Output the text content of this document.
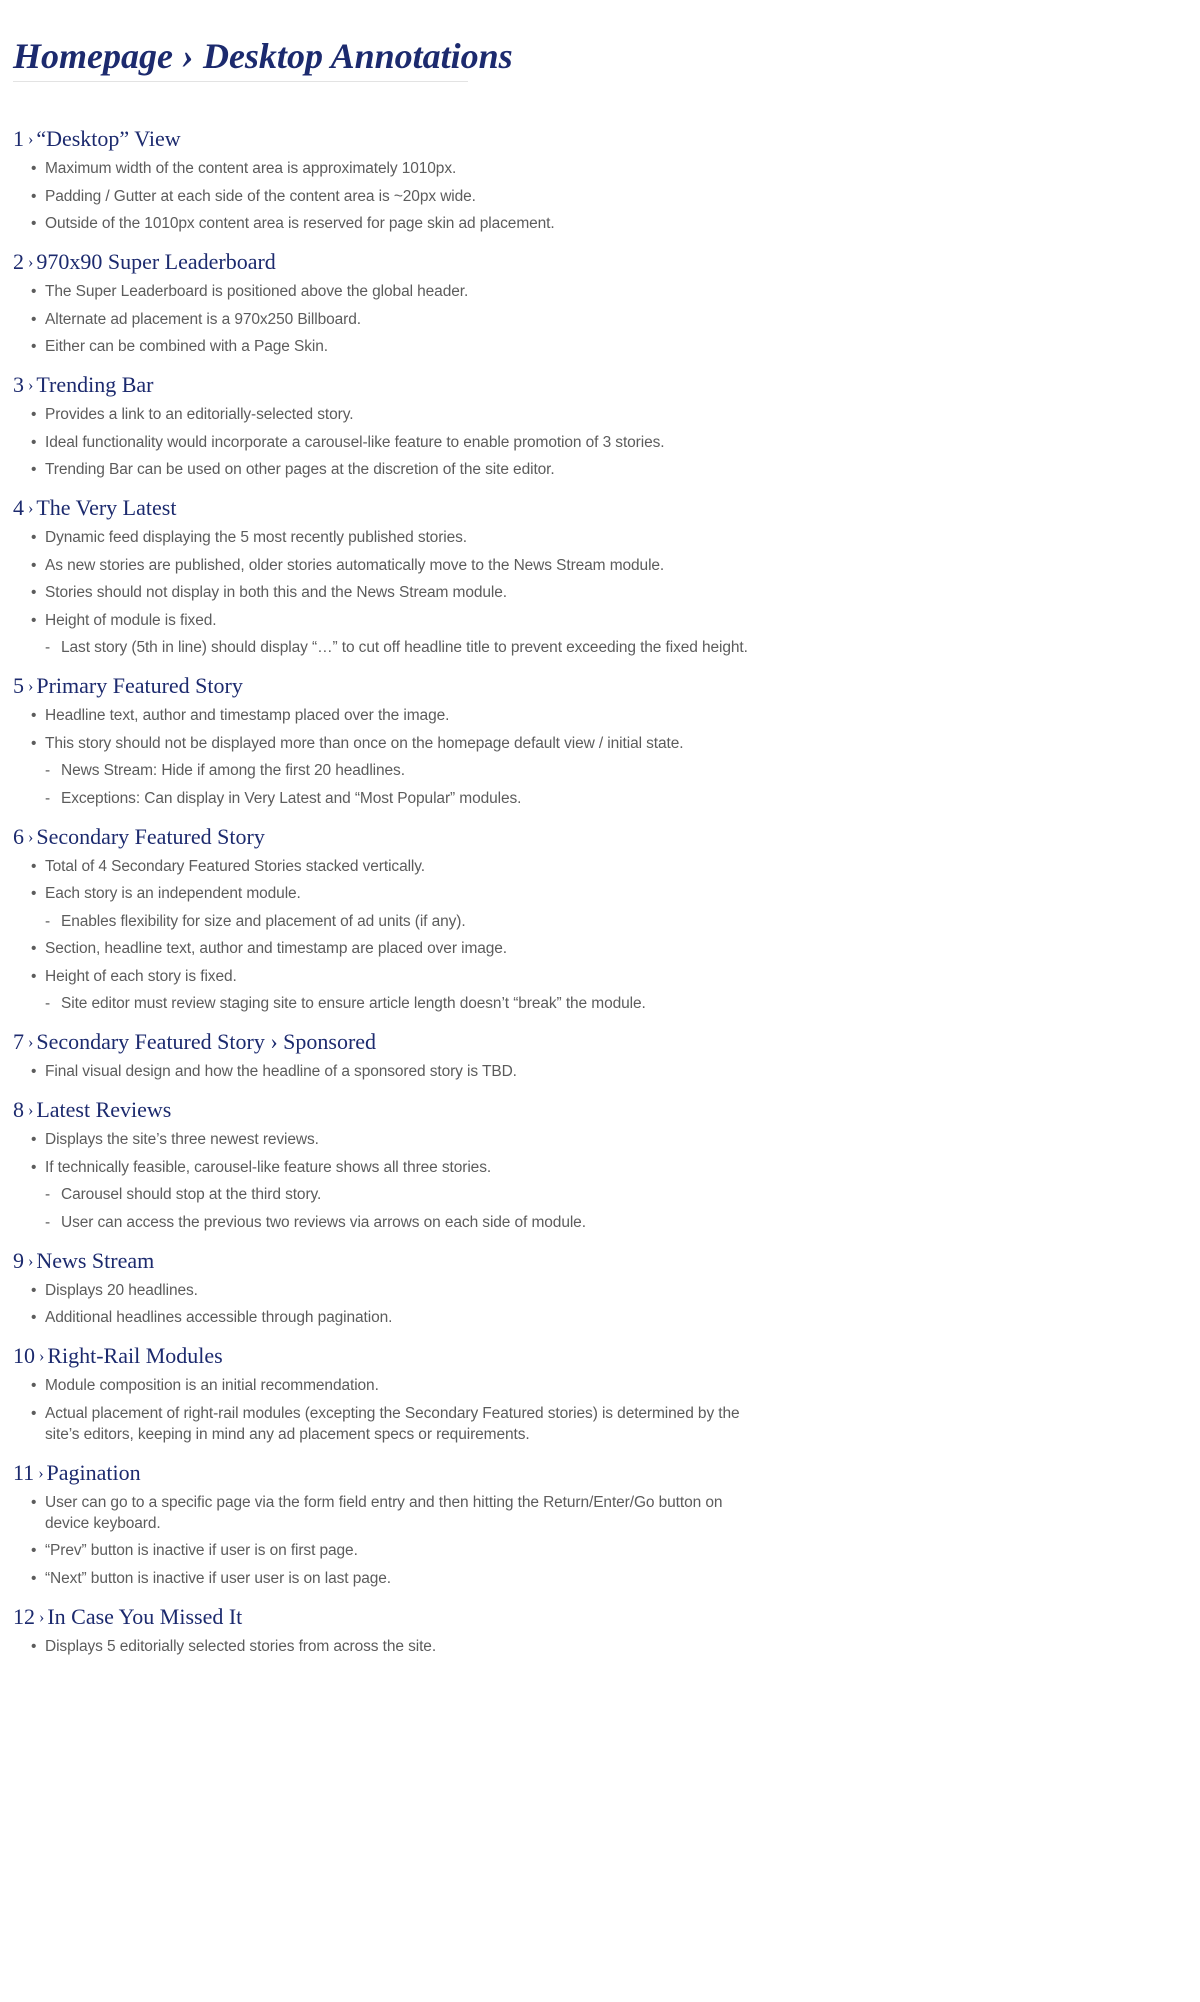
Homepage › Desktop Annotations
1 › “Desktop” View
• Maximum width of the content area is approximately 1010px.
• Padding / Gutter at each side of the content area is ~20px wide.
• Outside of the 1010px content area is reserved for page skin ad placement.
2 › 970x90 Super Leaderboard
• The Super Leaderboard is positioned above the global header.
• Alternate ad placement is a 970x250 Billboard.
• Either can be combined with a Page Skin.
3 › Trending Bar
• Provides a link to an editorially-selected story.
• Ideal functionality would incorporate a carousel-like feature to enable promotion of 3 stories.
• Trending Bar can be used on other pages at the discretion of the site editor.
4 › The Very Latest
• Dynamic feed displaying the 5 most recently published stories.
• As new stories are published, older stories automatically move to the News Stream module.
• Stories should not display in both this and the News Stream module.
• Height of module is fixed.
- Last story (5th in line) should display “…” to cut off headline title to prevent exceeding the fixed height.
5 › Primary Featured Story
• Headline text, author and timestamp placed over the image.
• This story should not be displayed more than once on the homepage default view / initial state.
- News Stream: Hide if among the first 20 headlines.
- Exceptions: Can display in Very Latest and “Most Popular” modules.
6 › Secondary Featured Story
• Total of 4 Secondary Featured Stories stacked vertically.
• Each story is an independent module.
- Enables flexibility for size and placement of ad units (if any).
• Section, headline text, author and timestamp are placed over image.
• Height of each story is fixed.
- Site editor must review staging site to ensure article length doesn’t “break” the module.
7 › Secondary Featured Story › Sponsored
• Final visual design and how the headline of a sponsored story is TBD.
8 › Latest Reviews
• Displays the site’s three newest reviews.
• If technically feasible, carousel-like feature shows all three stories.
- Carousel should stop at the third story.
- User can access the previous two reviews via arrows on each side of module.
9 › News Stream
• Displays 20 headlines.
• Additional headlines accessible through pagination.
10 › Right-Rail Modules
• Module composition is an initial recommendation.
• Actual placement of right-rail modules (excepting the Secondary Featured stories) is determined by the site’s editors, keeping in mind any ad placement specs or requirements.
11 › Pagination
• User can go to a specific page via the form field entry and then hitting the Return/Enter/Go button on device keyboard.
• “Prev” button is inactive if user is on first page.
• “Next” button is inactive if user user is on last page.
12 › In Case You Missed It
• Displays 5 editorially selected stories from across the site.
